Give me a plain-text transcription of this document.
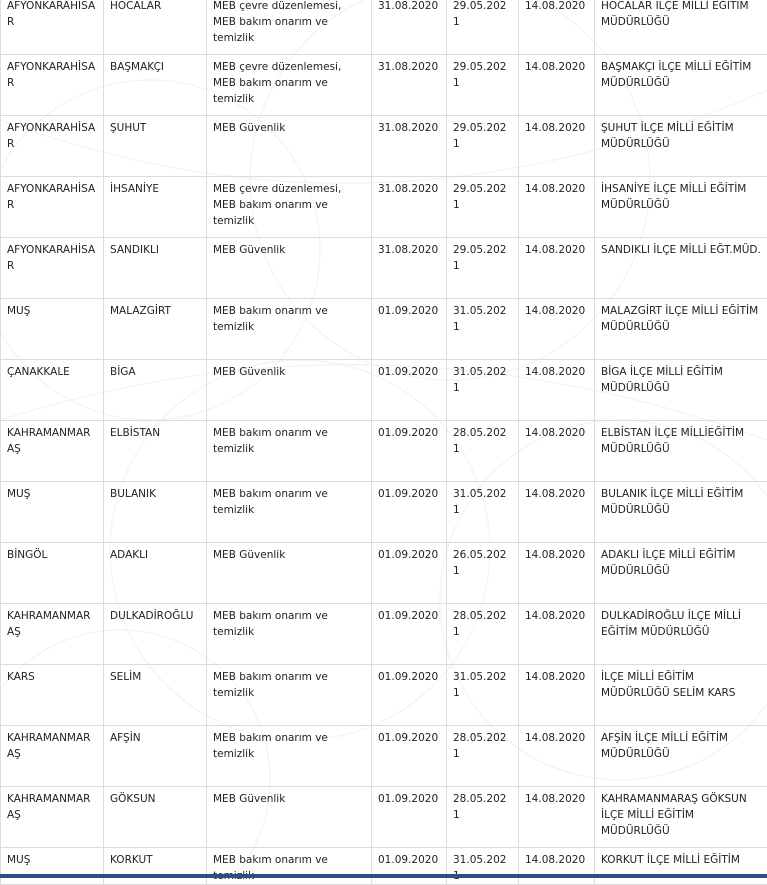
AFYONKARAHİSAR	HOCALAR	MEB çevre düzenlemesi, MEB bakım onarım ve temizlik	31.08.2020	29.05.2021	14.08.2020	HOCALAR İLÇE MİLLİ EĞİTİM MÜDÜRLÜĞÜ
AFYONKARAHİSAR	BAŞMAKÇI	MEB çevre düzenlemesi, MEB bakım onarım ve temizlik	31.08.2020	29.05.2021	14.08.2020	BAŞMAKÇI İLÇE MİLLİ EĞİTİM MÜDÜRLÜĞÜ
AFYONKARAHİSAR	ŞUHUT	MEB Güvenlik	31.08.2020	29.05.2021	14.08.2020	ŞUHUT İLÇE MİLLİ EĞİTİM MÜDÜRLÜĞÜ
AFYONKARAHİSAR	İHSANİYE	MEB çevre düzenlemesi, MEB bakım onarım ve temizlik	31.08.2020	29.05.2021	14.08.2020	İHSANİYE İLÇE MİLLİ EĞİTİM MÜDÜRLÜĞÜ
AFYONKARAHİSAR	SANDIKLI	MEB Güvenlik	31.08.2020	29.05.2021	14.08.2020	SANDIKLI İLÇE MİLLİ EĞT.MÜD.
MUŞ	MALAZGİRT	MEB bakım onarım ve temizlik	01.09.2020	31.05.2021	14.08.2020	MALAZGİRT İLÇE MİLLİ EĞİTİM MÜDÜRLÜĞÜ
ÇANAKKALE	BİGA	MEB Güvenlik	01.09.2020	31.05.2021	14.08.2020	BİGA İLÇE MİLLİ EĞİTİM MÜDÜRLÜĞÜ
KAHRAMANMARAŞ	ELBİSTAN	MEB bakım onarım ve temizlik	01.09.2020	28.05.2021	14.08.2020	ELBİSTAN İLÇE MİLLİEĞİTİM MÜDÜRLÜĞÜ
MUŞ	BULANIK	MEB bakım onarım ve temizlik	01.09.2020	31.05.2021	14.08.2020	BULANIK İLÇE MİLLİ EĞİTİM MÜDÜRLÜĞÜ
BİNGÖL	ADAKLI	MEB Güvenlik	01.09.2020	26.05.2021	14.08.2020	ADAKLI İLÇE MİLLİ EĞİTİM MÜDÜRLÜĞÜ
KAHRAMANMARAŞ	DULKADİROĞLU	MEB bakım onarım ve temizlik	01.09.2020	28.05.2021	14.08.2020	DULKADİROĞLU İLÇE MİLLİ EĞİTİM MÜDÜRLÜĞÜ
KARS	SELİM	MEB bakım onarım ve temizlik	01.09.2020	31.05.2021	14.08.2020	İLÇE MİLLİ EĞİTİM MÜDÜRLÜĞÜ SELİM KARS
KAHRAMANMARAŞ	AFŞİN	MEB bakım onarım ve temizlik	01.09.2020	28.05.2021	14.08.2020	AFŞİN İLÇE MİLLİ EĞİTİM MÜDÜRLÜĞÜ
KAHRAMANMARAŞ	GÖKSUN	MEB Güvenlik	01.09.2020	28.05.2021	14.08.2020	KAHRAMANMARAŞ GÖKSUN İLÇE MİLLİ EĞİTİM MÜDÜRLÜĞÜ
MUŞ	KORKUT	MEB bakım onarım ve	01.09.2020	31.05.202	14.08.2020	KORKUT İLÇE MİLLİ EĞİTİM
